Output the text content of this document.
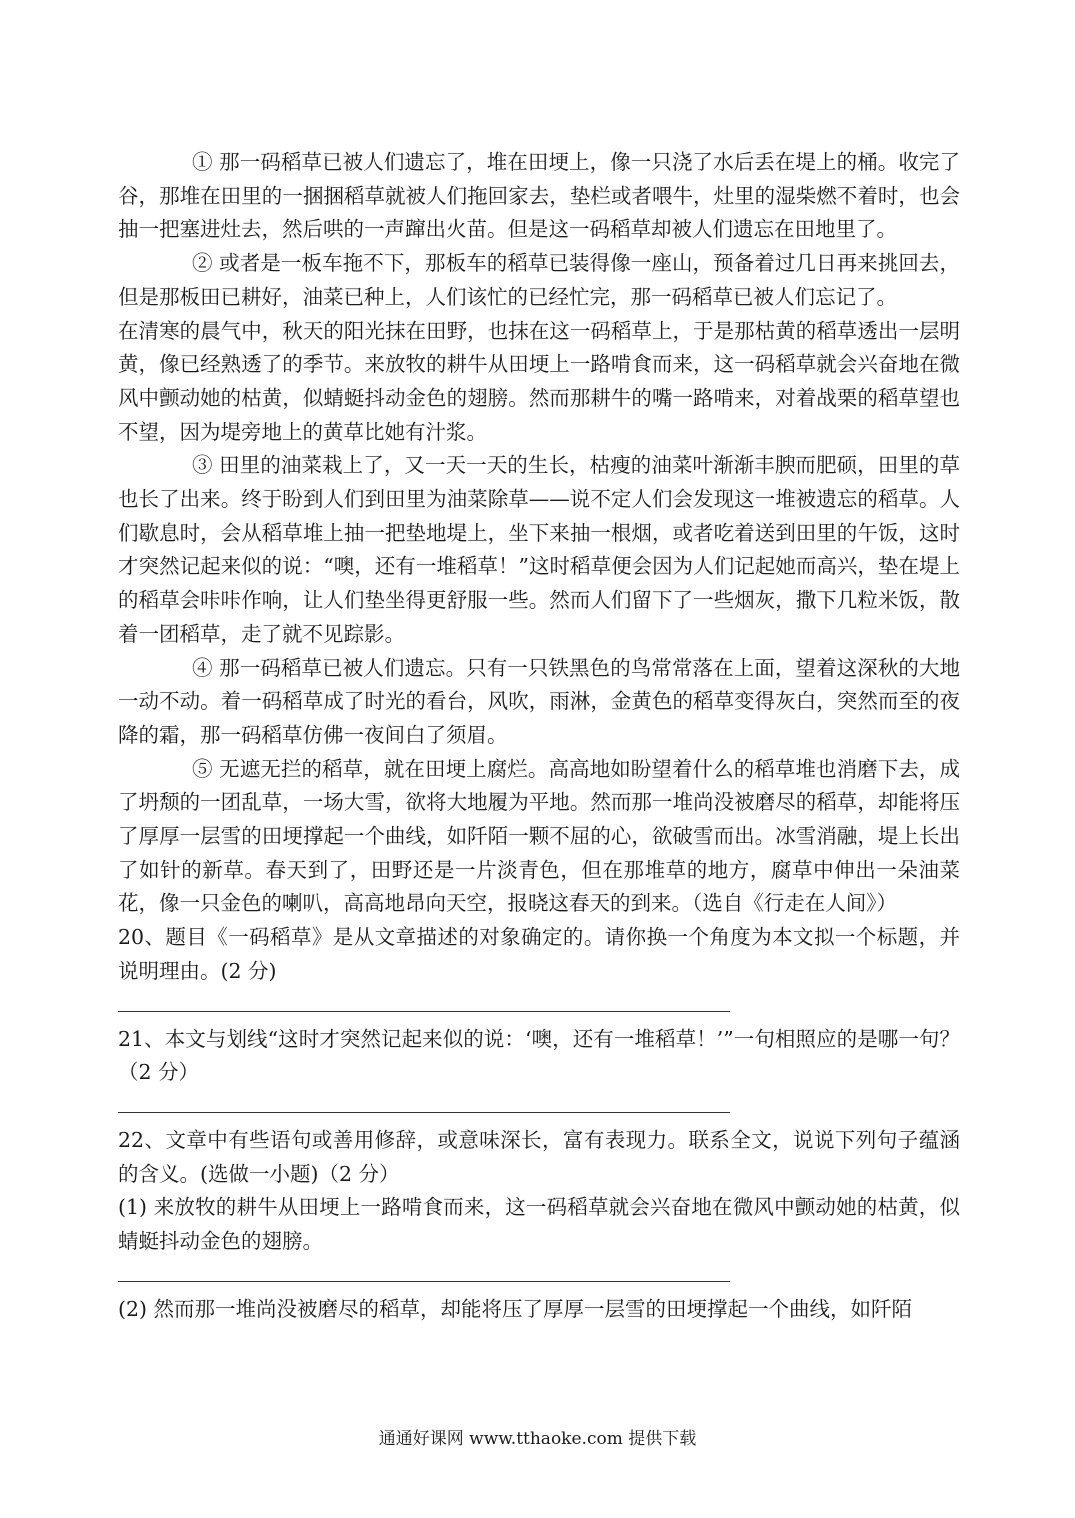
① 那一码稻草已被人们遗忘了，堆在田埂上，像一只浇了水后丢在堤上的桶。收完了谷，那堆在田里的一捆捆稻草就被人们拖回家去，垫栏或者喂牛，灶里的湿柴燃不着时，也会抽一把塞进灶去，然后哄的一声蹿出火苗。但是这一码稻草却被人们遗忘在田地里了。

② 或者是一板车拖不下，那板车的稻草已装得像一座山，预备着过几日再来挑回去，但是那板田已耕好，油菜已种上，人们该忙的已经忙完，那一码稻草已被人们忘记了。

在清寒的晨气中，秋天的阳光抹在田野，也抹在这一码稻草上，于是那枯黄的稻草透出一层明黄，像已经熟透了的季节。来放牧的耕牛从田埂上一路啃食而来，这一码稻草就会兴奋地在微风中颤动她的枯黄，似蜻蜓抖动金色的翅膀。然而那耕牛的嘴一路啃来，对着战栗的稻草望也不望，因为堤旁地上的黄草比她有汁浆。

③ 田里的油菜栽上了，又一天一天的生长，枯瘦的油菜叶渐渐丰腴而肥硕，田里的草也长了出来。终于盼到人们到田里为油菜除草——说不定人们会发现这一堆被遗忘的稻草。人们歇息时，会从稻草堆上抽一把垫地堤上，坐下来抽一根烟，或者吃着送到田里的午饭，这时才突然记起来似的说：“噢，还有一堆稻草！”这时稻草便会因为人们记起她而高兴，垫在堤上的稻草会咔咔作响，让人们垫坐得更舒服一些。然而人们留下了一些烟灰，撒下几粒米饭，散着一团稻草，走了就不见踪影。

④ 那一码稻草已被人们遗忘。只有一只铁黑色的鸟常常落在上面，望着这深秋的大地一动不动。着一码稻草成了时光的看台，风吹，雨淋，金黄色的稻草变得灰白，突然而至的夜降的霜，那一码稻草仿佛一夜间白了须眉。

⑤ 无遮无拦的稻草，就在田埂上腐烂。高高地如盼望着什么的稻草堆也消磨下去，成了坍颓的一团乱草，一场大雪，欲将大地履为平地。然而那一堆尚没被磨尽的稻草，却能将压了厚厚一层雪的田埂撑起一个曲线，如阡陌一颗不屈的心，欲破雪而出。冰雪消融，堤上长出了如针的新草。春天到了，田野还是一片淡青色，但在那堆草的地方，腐草中伸出一朵油菜花，像一只金色的喇叭，高高地昂向天空，报晓这春天的到来。（选自《行走在人间》）

20、题目《一码稻草》是从文章描述的对象确定的。请你换一个角度为本文拟一个标题，并说明理由。(2 分)

21、本文与划线“这时才突然记起来似的说：‘噢，还有一堆稻草！’”一句相照应的是哪一句？（2 分）

22、文章中有些语句或善用修辞，或意味深长，富有表现力。联系全文，说说下列句子蕴涵的含义。(选做一小题)（2 分）

(1) 来放牧的耕牛从田埂上一路啃食而来，这一码稻草就会兴奋地在微风中颤动她的枯黄，似蜻蜓抖动金色的翅膀。

(2) 然而那一堆尚没被磨尽的稻草，却能将压了厚厚一层雪的田埂撑起一个曲线，如阡陌

通通好课网 www.tthaoke.com 提供下载
